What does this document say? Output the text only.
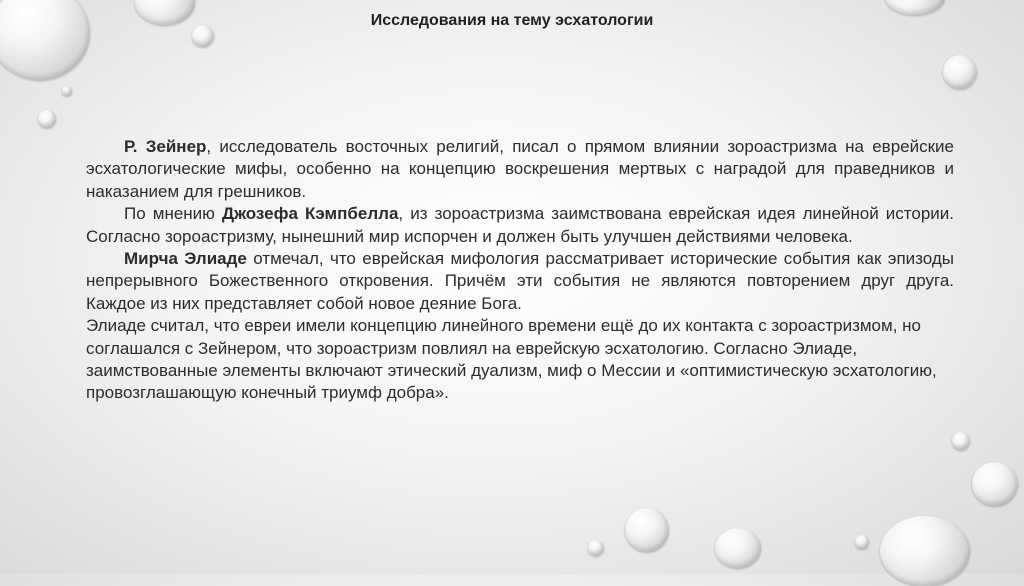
Исследования на тему эсхатологии

Р. Зейнер, исследователь восточных религий, писал о прямом влиянии зороастризма на еврейские эсхатологические мифы, особенно на концепцию воскрешения мертвых с наградой для праведников и наказанием для грешников.

По мнению Джозефа Кэмпбелла, из зороастризма заимствована еврейская идея линейной истории. Согласно зороастризму, нынешний мир испорчен и должен быть улучшен действиями человека.

Мирча Элиаде отмечал, что еврейская мифология рассматривает исторические события как эпизоды непрерывного Божественного откровения. Причём эти события не являются повторением друг друга. Каждое из них представляет собой новое деяние Бога.

Элиаде считал, что евреи имели концепцию линейного времени ещё до их контакта с зороастризмом, но соглашался с Зейнером, что зороастризм повлиял на еврейскую эсхатологию. Согласно Элиаде, заимствованные элементы включают этический дуализм, миф о Мессии и «оптимистическую эсхатологию, провозглашающую конечный триумф добра».
